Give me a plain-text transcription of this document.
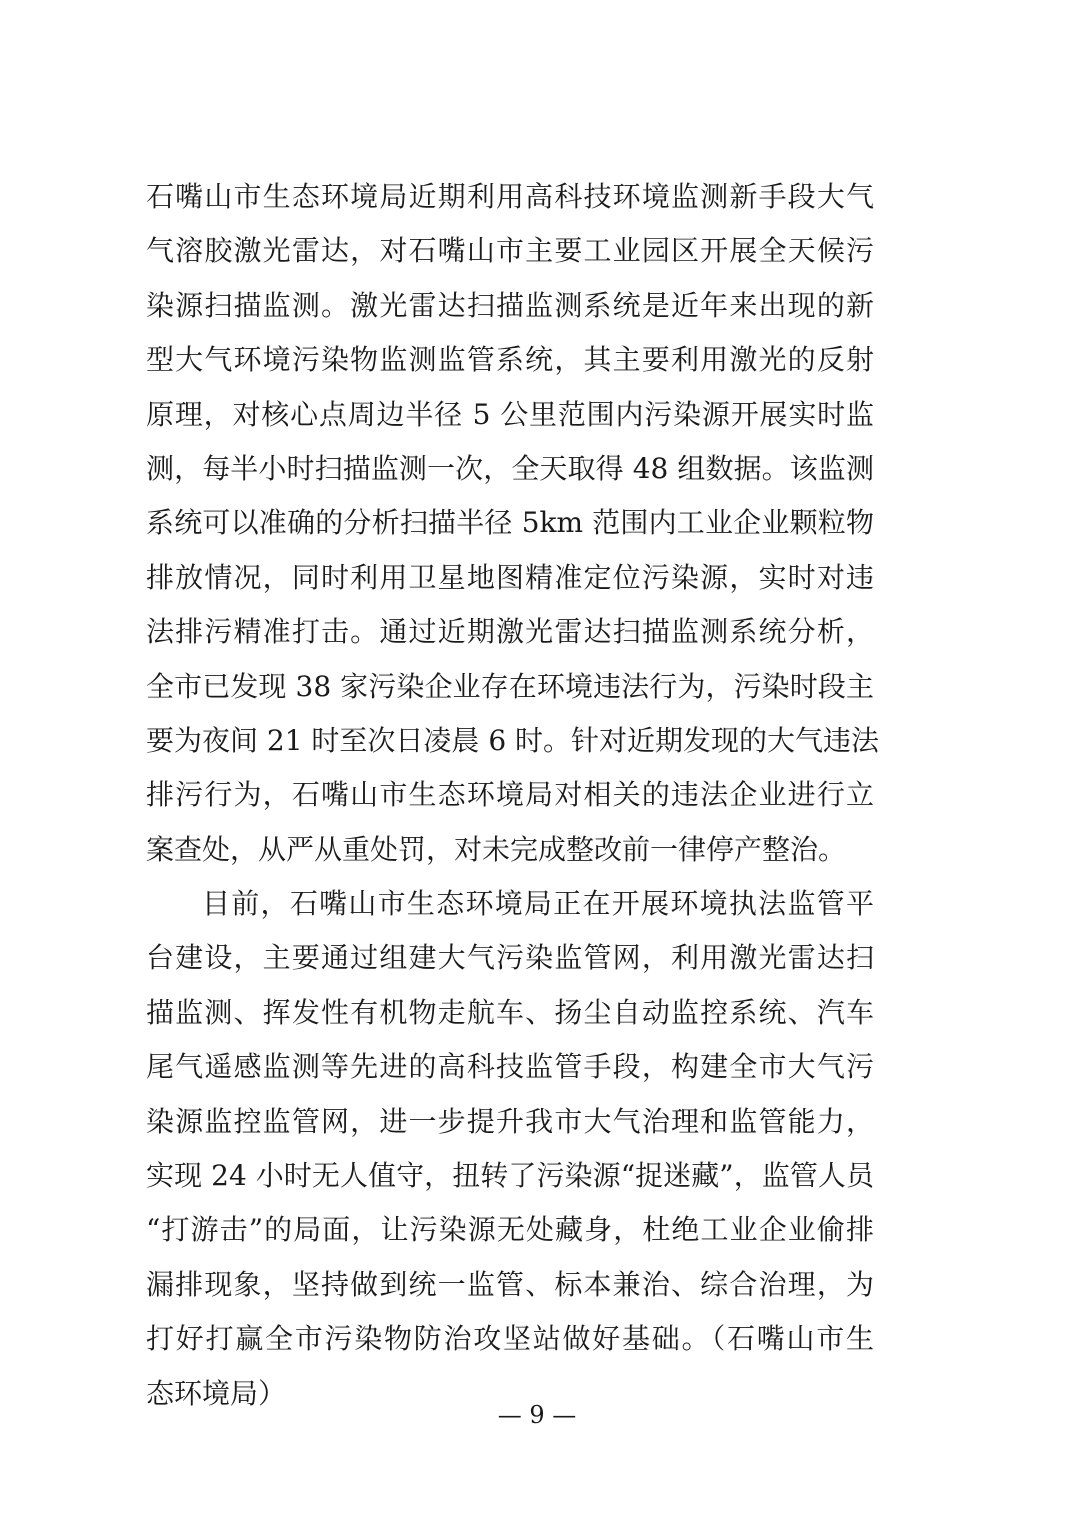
石嘴山市生态环境局近期利用高科技环境监测新手段大气
气溶胶激光雷达，对石嘴山市主要工业园区开展全天候污
染源扫描监测。激光雷达扫描监测系统是近年来出现的新
型大气环境污染物监测监管系统，其主要利用激光的反射
原理，对核心点周边半径 5 公里范围内污染源开展实时监
测，每半小时扫描监测一次，全天取得 48 组数据。该监测
系统可以准确的分析扫描半径 5km 范围内工业企业颗粒物
排放情况，同时利用卫星地图精准定位污染源，实时对违
法排污精准打击。通过近期激光雷达扫描监测系统分析，
全市已发现 38 家污染企业存在环境违法行为，污染时段主
要为夜间 21 时至次日凌晨 6 时。针对近期发现的大气违法
排污行为，石嘴山市生态环境局对相关的违法企业进行立
案查处，从严从重处罚，对未完成整改前一律停产整治。
目前，石嘴山市生态环境局正在开展环境执法监管平
台建设，主要通过组建大气污染监管网，利用激光雷达扫
描监测、挥发性有机物走航车、扬尘自动监控系统、汽车
尾气遥感监测等先进的高科技监管手段，构建全市大气污
染源监控监管网，进一步提升我市大气治理和监管能力，
实现 24 小时无人值守，扭转了污染源“捉迷藏”，监管人员
“打游击”的局面，让污染源无处藏身，杜绝工业企业偷排
漏排现象，坚持做到统一监管、标本兼治、综合治理，为
打好打赢全市污染物防治攻坚站做好基础。（石嘴山市生
态环境局）
— 9 —
